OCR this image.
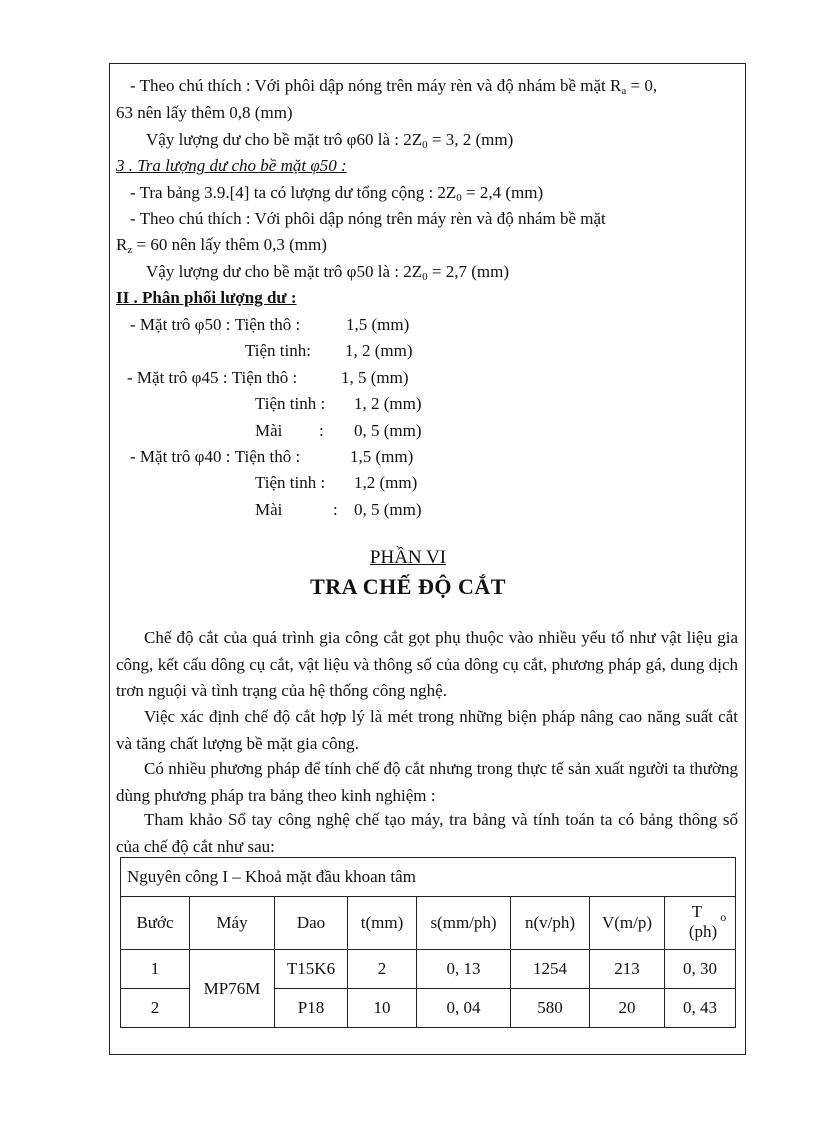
- Theo chú thích : Với phôi dập nóng trên máy rèn và độ nhám bề mặt $R_a = 0$,
63 nên lấy thêm 0,8 (mm)
Vậy lượng dư cho bề mặt trô φ60 là : $2Z_0 = 3$, 2 (mm)
3 . Tra lượng dư cho bề mặt φ50 :
- Tra bảng 3.9.[4] ta có lượng dư tổng cộng : $2Z_0 = 2,4$ (mm)
- Theo chú thích : Với phôi dập nóng trên máy rèn và độ nhám bề mặt
$R_z = 60$ nên lấy thêm 0,3 (mm)
Vậy lượng dư cho bề mặt trô φ50 là : $2Z_0 = 2,7$ (mm)
II . Phân phối lượng dư :
- Mặt trô φ50 : Tiện thô :	1,5 (mm)
Tiện tinh: 1, 2 (mm)
- Mặt trô φ45 : Tiện thô :	1, 5 (mm)
Tiện tinh : 1, 2 (mm)
Mài : 0, 5 (mm)
- Mặt trô φ40 : Tiện thô :	1,5 (mm)
Tiện tinh : 1,2 (mm)
Mài	: 0, 5 (mm)
PHẦN VI
TRA CHẾ ĐỘ CẮT
Chế độ cắt của quá trình gia công cắt gọt phụ thuộc vào nhiều yếu tố như vật liệu gia công, kết cấu dông cụ cắt, vật liệu và thông số của dông cụ cắt, phương pháp gá, dung dịch trơn nguội và tình trạng của hệ thống công nghệ.
Việc xác định chế độ cắt hợp lý là mét trong những biện pháp nâng cao năng suất cắt và tăng chất lượng bề mặt gia công.
Có nhiều phương pháp để tính chế độ cắt nhưng trong thực tế sản xuất người ta thường dùng phương pháp tra bảng theo kinh nghiệm :
Tham khảo Sổ tay công nghệ chế tạo máy, tra bảng và tính toán ta có bảng thông số của chế độ cắt như sau:
Nguyên công I – Khoả mặt đầu khoan tâm							
Bước	Máy	Dao	t(mm)	s(mm/ph)	n(v/ph)	V(m/p)	T $_o$
(ph)

1	MP76M	T15K6	2	0, 13	1254	213	0, 30
2		P18	10	0, 04	580	20	0, 43
